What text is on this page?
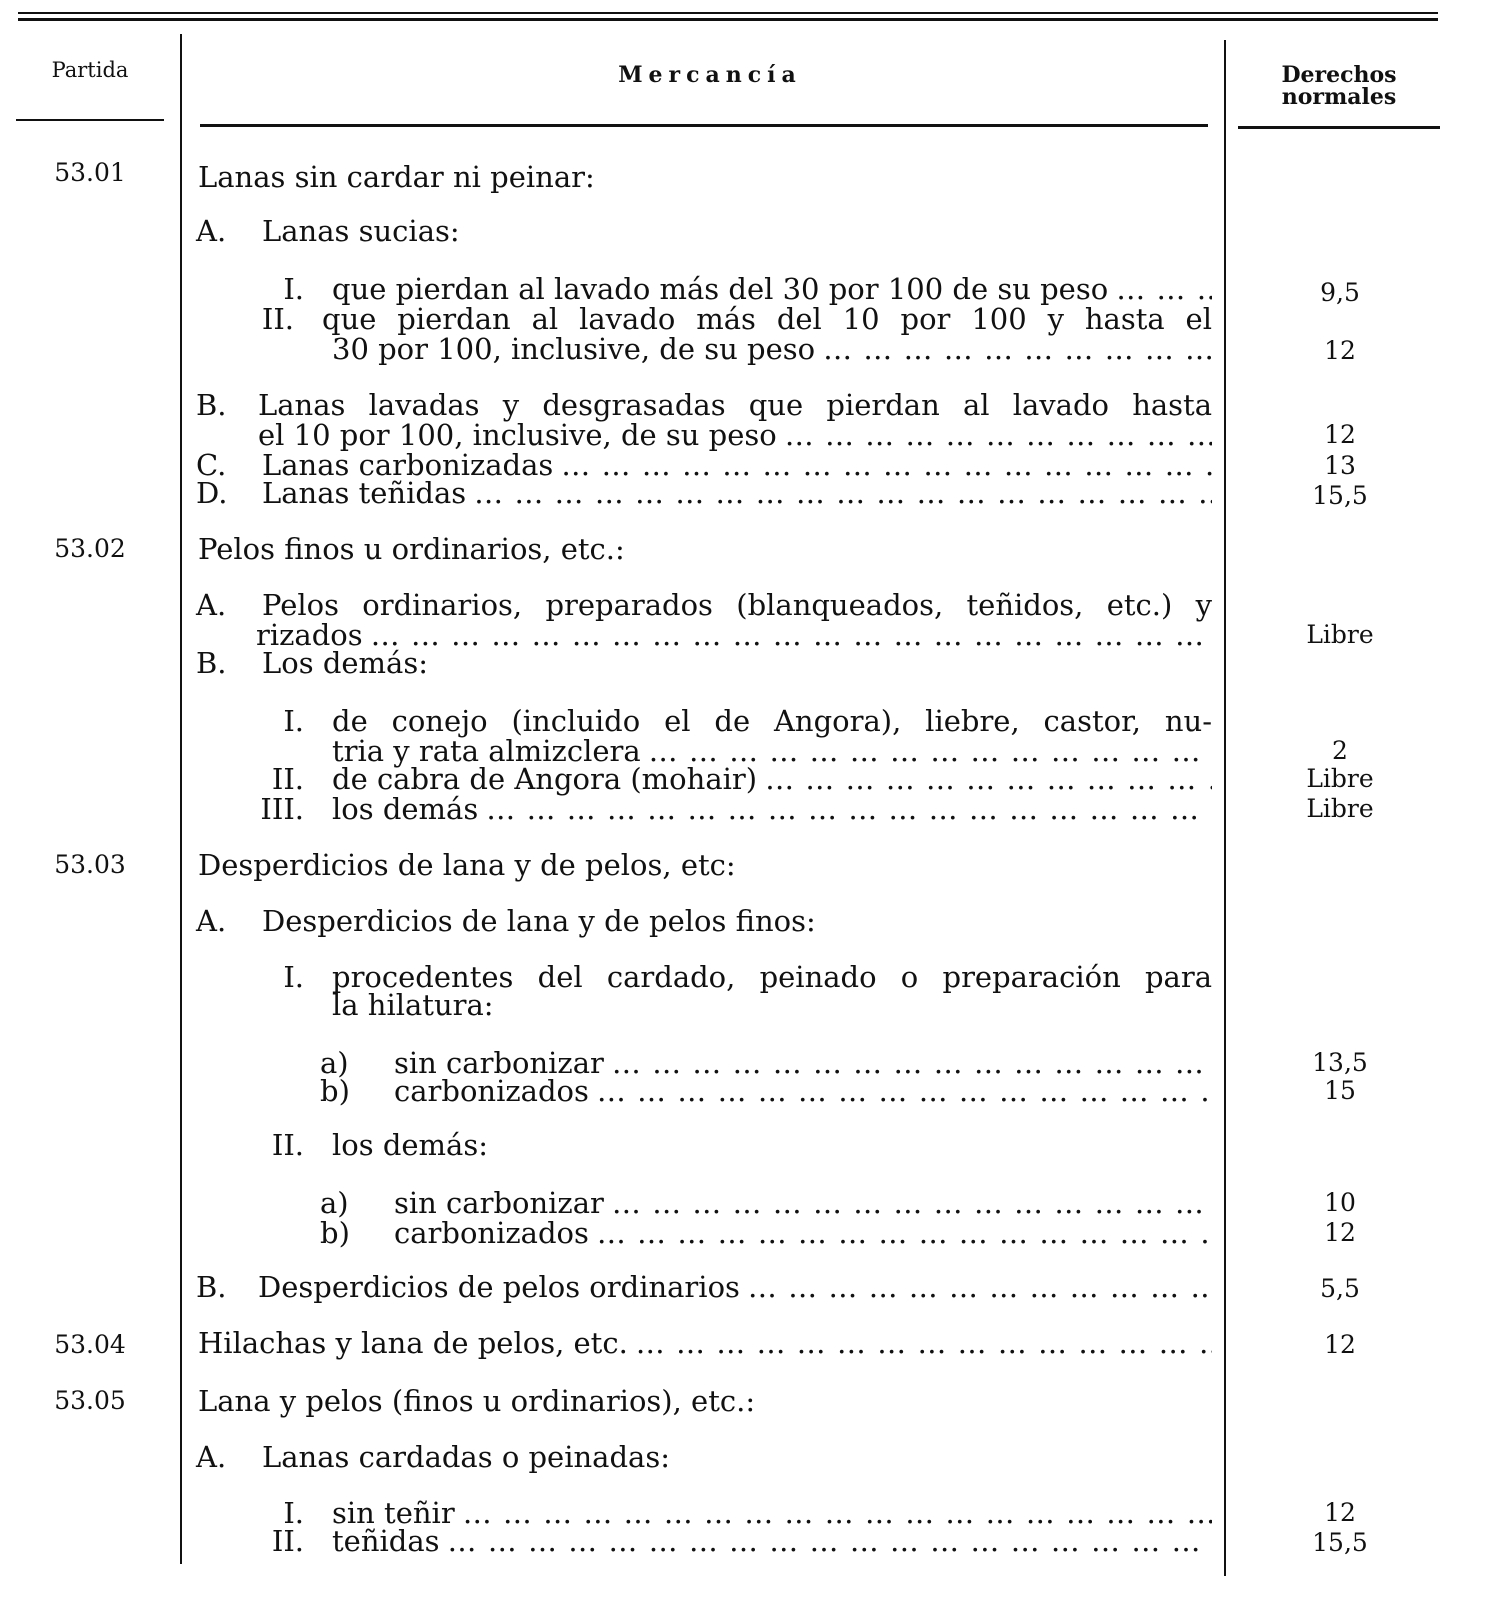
Partida	Mercancía	Derechos
normales
53.01	Lanas sin cardar ni peinar:
A. Lanas sucias:
I. que pierdan al lavado más del 30 por 100 de su peso … … … … … … … … … … … … … … … … … … … … … … … … … … … … … … … … … … … … … … … …	9,5
II. que pierdan al lavado más del 10 por 100 y hasta el
30 por 100, inclusive, de su peso … … … … … … … … … … … … … … … … … … … … … … … … … … … … … … … … … … … … … … … …	12
B. Lanas lavadas y desgrasadas que pierdan al lavado hasta
el 10 por 100, inclusive, de su peso … … … … … … … … … … … … … … … … … … … … … … … … … … … … … … … … … … … … … … … …	12
C. Lanas carbonizadas … … … … … … … … … … … … … … … … … … … … … … … … … … … … … … … … … … … … … … … …	13
D. Lanas teñidas … … … … … … … … … … … … … … … … … … … … … … … … … … … … … … … … … … … … … … … …	15,5
53.02	Pelos finos u ordinarios, etc.:
A. Pelos ordinarios, preparados (blanqueados, teñidos, etc.) y
rizados … … … … … … … … … … … … … … … … … … … … … … … … … … … … … … … … … … … … … … … …	Libre
B. Los demás:
I. de conejo (incluido el de Angora), liebre, castor, nu-
tria y rata almizclera … … … … … … … … … … … … … … … … … … … … … … … … … … … … … … … … … … … … … … … …	2
II. de cabra de Angora (mohair) … … … … … … … … … … … … … … … … … … … … … … … … … … … … … … … … … … … … … … … …	Libre
III. los demás … … … … … … … … … … … … … … … … … … … … … … … … … … … … … … … … … … … … … … … …	Libre
53.03	Desperdicios de lana y de pelos, etc:
A. Desperdicios de lana y de pelos finos:
I. procedentes del cardado, peinado o preparación para
la hilatura:
a)	sin carbonizar … … … … … … … … … … … … … … … … … … … … … … … … … … … … … … … … … … … … … … … …	13,5
b)	carbonizados … … … … … … … … … … … … … … … … … … … … … … … … … … … … … … … … … … … … … … … …	15
II. los demás:
a)	sin carbonizar … … … … … … … … … … … … … … … … … … … … … … … … … … … … … … … … … … … … … … … …	10
b)	carbonizados … … … … … … … … … … … … … … … … … … … … … … … … … … … … … … … … … … … … … … … …	12
B. Desperdicios de pelos ordinarios … … … … … … … … … … … … … … … … … … … … … … … … … … … … … … … … … … … … … … … …	5,5
53.04	Hilachas y lana de pelos, etc. … … … … … … … … … … … … … … … … … … … … … … … … … … … … … … … … … … … … … … … …	12
53.05	Lana y pelos (finos u ordinarios), etc.:
A. Lanas cardadas o peinadas:
I. sin teñir … … … … … … … … … … … … … … … … … … … … … … … … … … … … … … … … … … … … … … … …	12
II. teñidas … … … … … … … … … … … … … … … … … … … … … … … … … … … … … … … … … … … … … … … …	15,5
